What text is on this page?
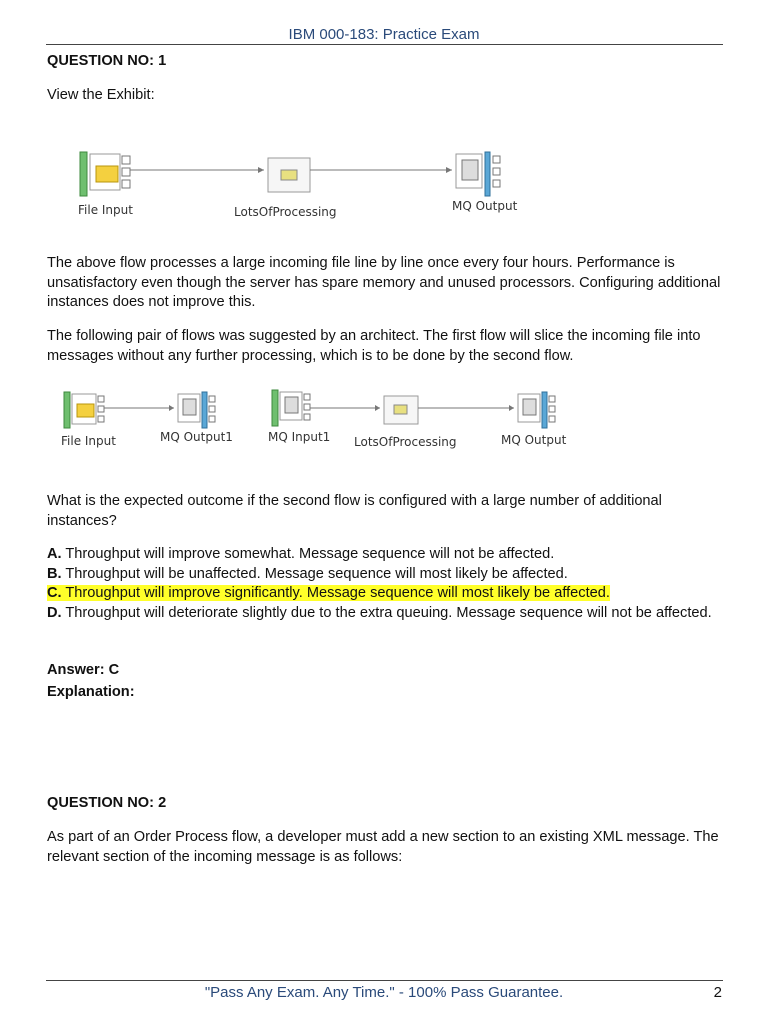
IBM 000-183: Practice Exam
QUESTION NO: 1
View the Exhibit:
File Input	LotsOfProcessing	MQ Output
The above flow processes a large incoming file line by line once every four hours. Performance is unsatisfactory even though the server has spare memory and unused processors. Configuring additional instances does not improve this.
The following pair of flows was suggested by an architect. The first flow will slice the incoming file into messages without any further processing, which is to be done by the second flow.
File Input	MQ Output1	MQ Input1 LotsOfProcessing	MQ Output
What is the expected outcome if the second flow is configured with a large number of additional instances?
A. Throughput will improve somewhat. Message sequence will not be affected.
B. Throughput will be unaffected. Message sequence will most likely be affected.
C. Throughput will improve significantly. Message sequence will most likely be affected.
D. Throughput will deteriorate slightly due to the extra queuing. Message sequence will not be affected.
Answer: C
Explanation:
QUESTION NO: 2
As part of an Order Process flow, a developer must add a new section to an existing XML message. The relevant section of the incoming message is as follows:
"Pass Any Exam. Any Time." - 100% Pass Guarantee.	2
